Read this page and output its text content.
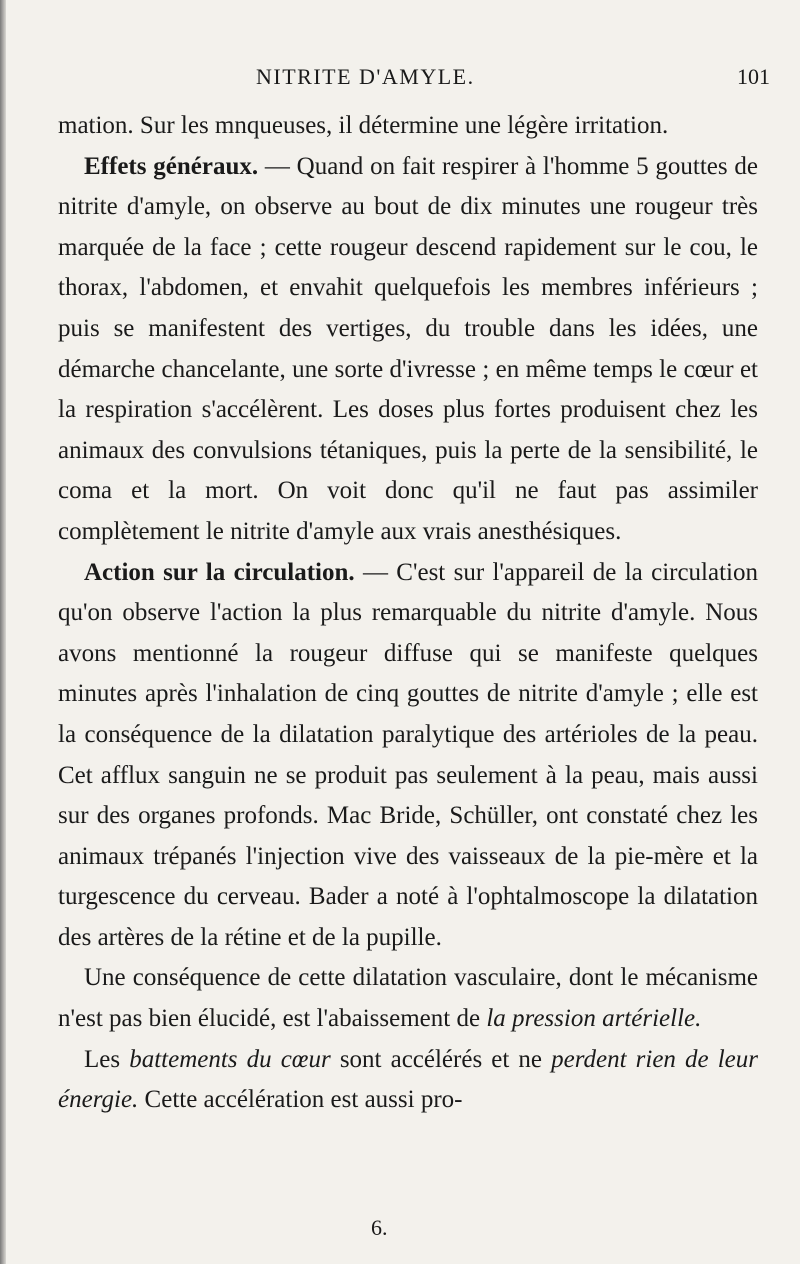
NITRITE D'AMYLE.	101

mation. Sur les mnqueuses, il détermine une légère irritation.

Effets généraux. — Quand on fait respirer à l'homme 5 gouttes de nitrite d'amyle, on observe au bout de dix minutes une rougeur très marquée de la face ; cette rougeur descend rapidement sur le cou, le thorax, l'abdomen, et envahit quelquefois les membres inférieurs ; puis se manifestent des vertiges, du trouble dans les idées, une démarche chancelante, une sorte d'ivresse ; en même temps le cœur et la respiration s'accélèrent. Les doses plus fortes produisent chez les animaux des convulsions tétaniques, puis la perte de la sensibilité, le coma et la mort. On voit donc qu'il ne faut pas assimiler complètement le nitrite d'amyle aux vrais anesthésiques.

Action sur la circulation. — C'est sur l'appareil de la circulation qu'on observe l'action la plus remarquable du nitrite d'amyle. Nous avons mentionné la rougeur diffuse qui se manifeste quelques minutes après l'inhalation de cinq gouttes de nitrite d'amyle ; elle est la conséquence de la dilatation paralytique des artérioles de la peau. Cet afflux sanguin ne se produit pas seulement à la peau, mais aussi sur des organes profonds. Mac Bride, Schüller, ont constaté chez les animaux trépanés l'injection vive des vaisseaux de la pie-mère et la turgescence du cerveau. Bader a noté à l'ophtalmoscope la dilatation des artères de la rétine et de la pupille.

Une conséquence de cette dilatation vasculaire, dont le mécanisme n'est pas bien élucidé, est l'abaissement de la pression artérielle.

Les battements du cœur sont accélérés et ne perdent rien de leur énergie. Cette accélération est aussi pro-

6.
